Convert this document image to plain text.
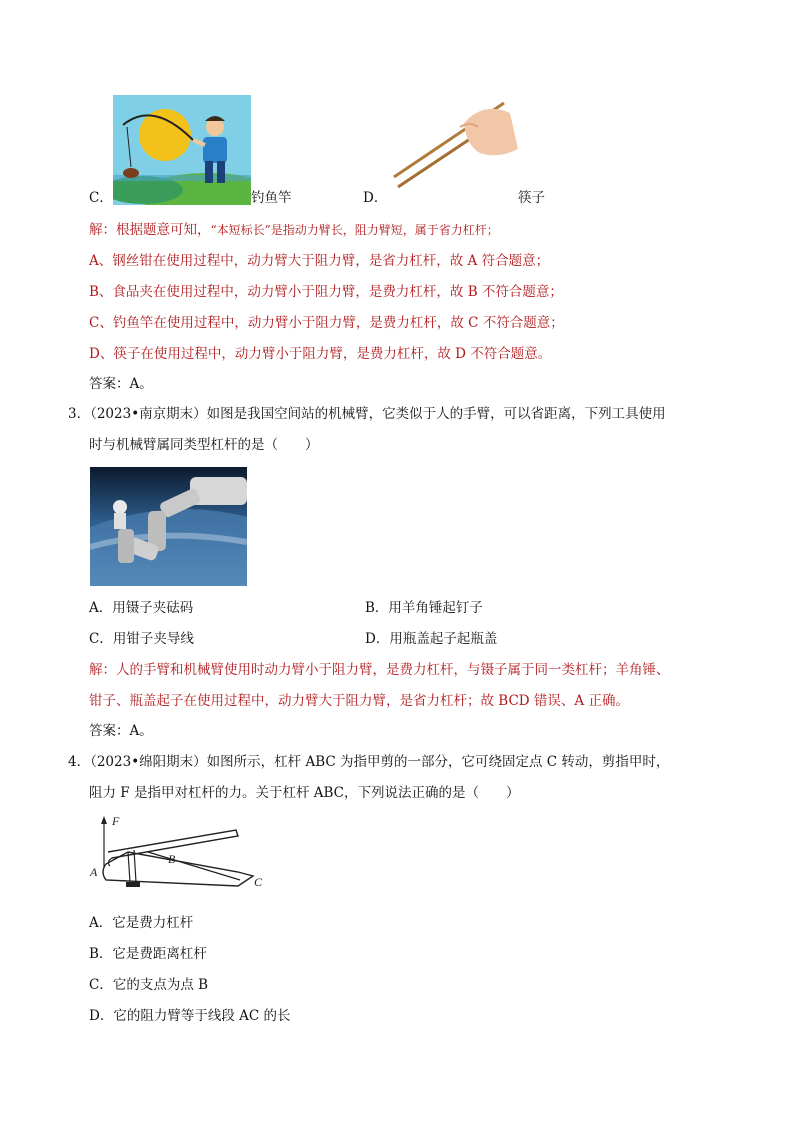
C．	钓鱼竿	D．	筷子
解：根据题意可知，“本短标长”是指动力臂长，阻力臂短，属于省力杠杆；
A、钢丝钳在使用过程中，动力臂大于阻力臂，是省力杠杆，故 A 符合题意；
B、食品夹在使用过程中，动力臂小于阻力臂，是费力杠杆，故 B 不符合题意；
C、钓鱼竿在使用过程中，动力臂小于阻力臂，是费力杠杆，故 C 不符合题意；
D、筷子在使用过程中，动力臂小于阻力臂，是费力杠杆，故 D 不符合题意。
答案：A。
3．（2023•南京期末）如图是我国空间站的机械臂，它类似于人的手臂，可以省距离，下列工具使用
时与机械臂属同类型杠杆的是（　　）
A．用镊子夹砝码	B．用羊角锤起钉子
C．用钳子夹导线	D．用瓶盖起子起瓶盖
解：人的手臂和机械臂使用时动力臂小于阻力臂，是费力杠杆，与镊子属于同一类杠杆；羊角锤、
钳子、瓶盖起子在使用过程中，动力臂大于阻力臂，是省力杠杆；故 BCD 错误、A 正确。
答案：A。
4．（2023•绵阳期末）如图所示，杠杆 ABC 为指甲剪的一部分，它可绕固定点 C 转动，剪指甲时，
阻力 F 是指甲对杠杆的力。关于杠杆 ABC，下列说法正确的是（　　）
F
A
B
C
A．它是费力杠杆
B．它是费距离杠杆
C．它的支点为点 B
D．它的阻力臂等于线段 AC 的长
